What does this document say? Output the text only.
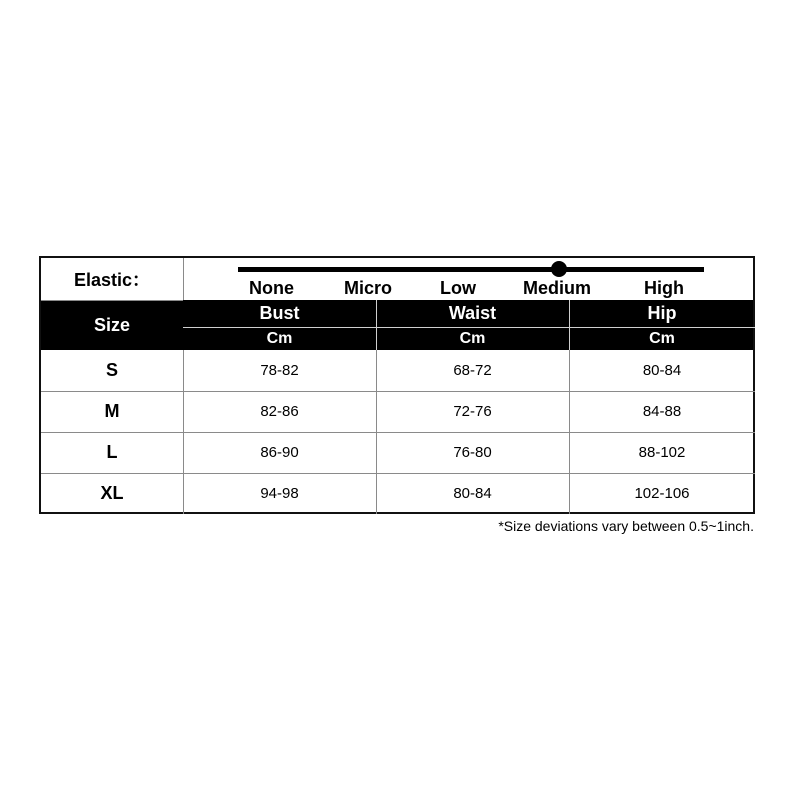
Elastic：	None	Micro	Low	Medium	High
Size
Bust	Waist	Hip
Cm	Cm	Cm
S	78-82	68-72	80-84
M	82-86	72-76	84-88
L	86-90	76-80	88-102
XL	94-98	80-84	102-106
*Size deviations vary between 0.5~1inch.
